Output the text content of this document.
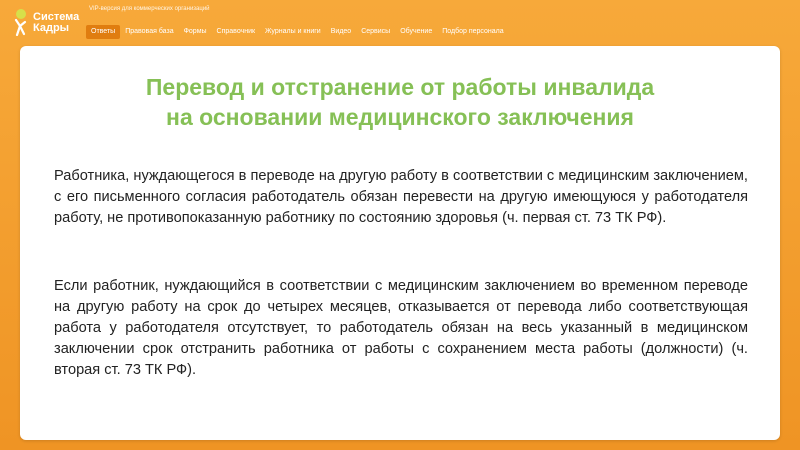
Система
Кадры
VIP-версия для коммерческих организаций
Ответы	Правовая база	Формы	Справочник	Журналы и книги	Видео	Сервисы	Обучение	Подбор персонала
Перевод и отстранение от работы инвалида
на основании медицинского заключения
Работника, нуждающегося в переводе на другую работу в соответствии с медицинским заключением, с его письменного согласия работодатель обязан перевести на другую имеющуюся у работодателя работу, не противопоказанную работнику по состоянию здоровья (ч. первая ст. 73 ТК РФ).
Если работник, нуждающийся в соответствии с медицинским заключением во временном переводе на другую работу на срок до четырех месяцев, отказывается от перевода либо соответствующая работа у работодателя отсутствует, то работодатель обязан на весь указанный в медицинском заключении срок отстранить работника от работы с сохранением места работы (должности) (ч. вторая ст. 73 ТК РФ).
